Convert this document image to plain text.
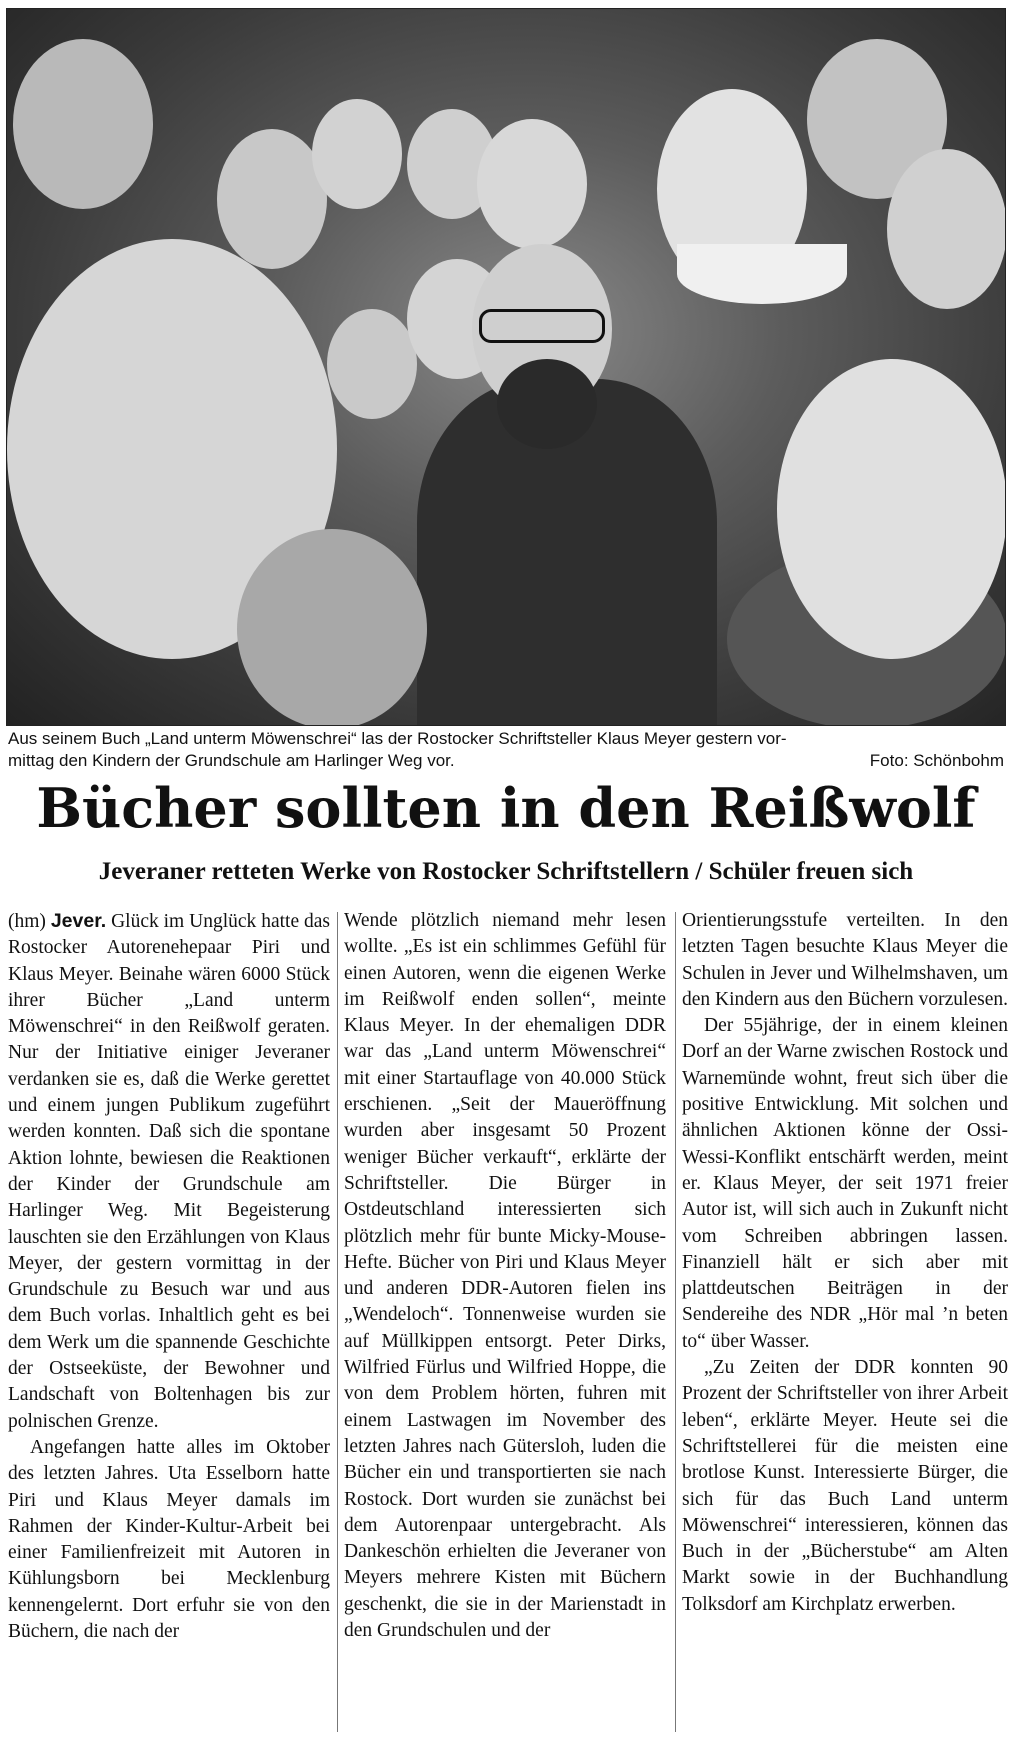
Aus seinem Buch „Land unterm Möwenschrei“ las der Rostocker Schriftsteller Klaus Meyer gestern vor-
mittag den Kindern der Grundschule am Harlinger Weg vor.	Foto: Schönbohm
Bücher sollten in den Reißwolf
Jeveraner retteten Werke von Rostocker Schriftstellern / Schüler freuen sich

(hm) Jever. Glück im Unglück hatte das Rostocker Autorenehepaar Piri und Klaus Meyer. Beinahe wären 6000 Stück ihrer Bücher „Land unterm Möwenschrei“ in den Reißwolf geraten. Nur der Initiative einiger Jeveraner verdanken sie es, daß die Werke gerettet und einem jungen Publikum zugeführt werden konnten. Daß sich die spontane Aktion lohnte, bewiesen die Reaktionen der Kinder der Grundschule am Harlinger Weg. Mit Begeisterung lauschten sie den Erzählungen von Klaus Meyer, der gestern vormittag in der Grundschule zu Besuch war und aus dem Buch vorlas. Inhaltlich geht es bei dem Werk um die spannende Geschichte der Ostseeküste, der Bewohner und Landschaft von Boltenhagen bis zur polnischen Grenze.

Angefangen hatte alles im Oktober des letzten Jahres. Uta Esselborn hatte Piri und Klaus Meyer damals im Rahmen der Kinder-Kultur-Arbeit bei einer Familienfreizeit mit Autoren in Kühlungsborn bei Mecklenburg kennengelernt. Dort erfuhr sie von den Büchern, die nach der

Wende plötzlich niemand mehr lesen wollte. „Es ist ein schlimmes Gefühl für einen Autoren, wenn die eigenen Werke im Reißwolf enden sollen“, meinte Klaus Meyer. In der ehemaligen DDR war das „Land unterm Möwenschrei“ mit einer Startauflage von 40.000 Stück erschienen. „Seit der Maueröffnung wurden aber insgesamt 50 Prozent weniger Bücher verkauft“, erklärte der Schriftsteller. Die Bürger in Ostdeutschland interessierten sich plötzlich mehr für bunte Micky-Mouse-Hefte. Bücher von Piri und Klaus Meyer und anderen DDR-Autoren fielen ins „Wendeloch“. Tonnenweise wurden sie auf Müllkippen entsorgt. Peter Dirks, Wilfried Fürlus und Wilfried Hoppe, die von dem Problem hörten, fuhren mit einem Lastwagen im November des letzten Jahres nach Gütersloh, luden die Bücher ein und transportierten sie nach Rostock. Dort wurden sie zunächst bei dem Autorenpaar untergebracht. Als Dankeschön erhielten die Jeveraner von Meyers mehrere Kisten mit Büchern geschenkt, die sie in der Marienstadt in den Grundschulen und der

Orientierungsstufe verteilten. In den letzten Tagen besuchte Klaus Meyer die Schulen in Jever und Wilhelmshaven, um den Kindern aus den Büchern vorzulesen.

Der 55jährige, der in einem kleinen Dorf an der Warne zwischen Rostock und Warnemünde wohnt, freut sich über die positive Entwicklung. Mit solchen und ähnlichen Aktionen könne der Ossi-Wessi-Konflikt entschärft werden, meint er. Klaus Meyer, der seit 1971 freier Autor ist, will sich auch in Zukunft nicht vom Schreiben abbringen lassen. Finanziell hält er sich aber mit plattdeutschen Beiträgen in der Sendereihe des NDR „Hör mal ’n beten to“ über Wasser.

„Zu Zeiten der DDR konnten 90 Prozent der Schriftsteller von ihrer Arbeit leben“, erklärte Meyer. Heute sei die Schriftstellerei für die meisten eine brotlose Kunst. Interessierte Bürger, die sich für das Buch Land unterm Möwenschrei“ interessieren, können das Buch in der „Bücherstube“ am Alten Markt sowie in der Buchhandlung Tolksdorf am Kirchplatz erwerben.
